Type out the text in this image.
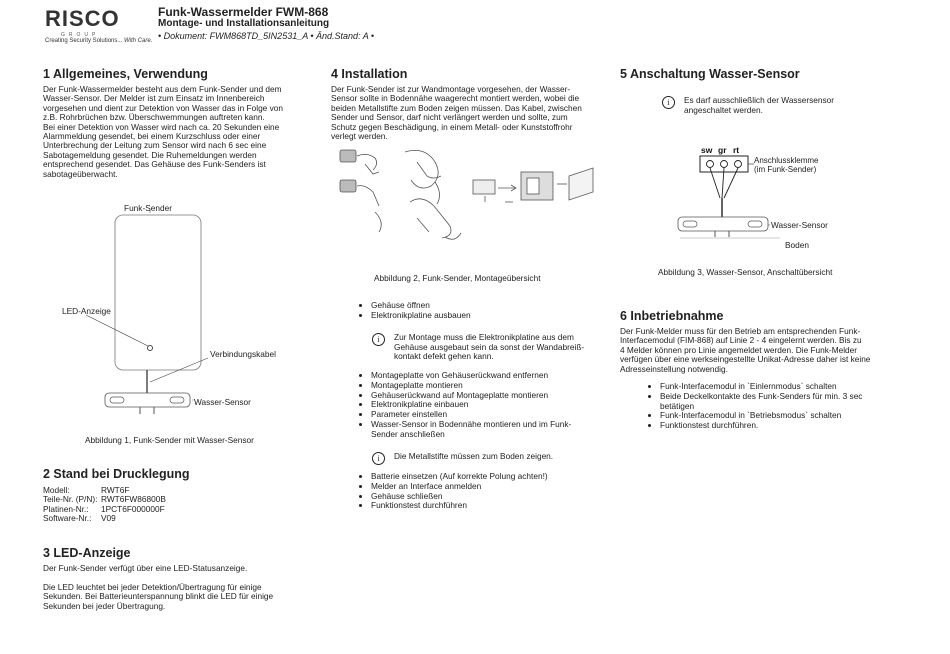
RISCO
GROUP
Creating Security Solutions... With Care.
Funk-Wassermelder FWM-868
Montage- und Installationsanleitung
• Dokument: FWM868TD_5IN2531_A • Änd.Stand: A •
1 Allgemeines, Verwendung
Der Funk-Wassermelder besteht aus dem Funk-Sender und dem
Wasser-Sensor. Der Melder ist zum Einsatz im Innenbereich
vorgesehen und dient zur Detektion von Wasser das in Folge von
z.B. Rohrbrüchen bzw. Überschwemmungen auftreten kann.
Bei einer Detektion von Wasser wird nach ca. 20 Sekunden eine
Alarmmeldung gesendet, bei einem Kurzschluss oder einer
Unterbrechung der Leitung zum Sensor wird nach 6 sec eine
Sabotagemeldung gesendet. Die Ruhemeldungen werden
entsprechend gesendet. Das Gehäuse des Funk-Senders ist
sabotageüberwacht.
Funk-Sender
LED-Anzeige
Verbindungskabel
Wasser-Sensor
Abbildung 1, Funk-Sender mit Wasser-Sensor
2 Stand bei Drucklegung
Modell:	RWT6F
Teile-Nr. (P/N):	RWT6FW86800B
Platinen-Nr.:	1PCT6F000000F
Software-Nr.:	V09
3 LED-Anzeige
Der Funk-Sender verfügt über eine LED-Statusanzeige.
Die LED leuchtet bei jeder Detektion/Übertragung für einige
Sekunden. Bei Batterieunterspannung blinkt die LED für einige
Sekunden bei jeder Übertragung.
4 Installation
Der Funk-Sender ist zur Wandmontage vorgesehen, der Wasser-
Sensor sollte in Bodennähe waagerecht montiert werden, wobei die
beiden Metallstifte zum Boden zeigen müssen. Das Kabel, zwischen
Sender und Sensor, darf nicht verlängert werden und sollte, zum
Schutz gegen Beschädigung, in einem Metall- oder Kunststoffrohr
verlegt werden.
Abbildung 2, Funk-Sender, Montageübersicht
• Gehäuse öffnen
• Elektronikplatine ausbauen
i	Zur Montage muss die Elektronikplatine aus dem
Gehäuse ausgebaut sein da sonst der Wandabreiß-
kontakt defekt gehen kann.
• Montageplatte von Gehäuserückwand entfernen
• Montageplatte montieren
• Gehäuserückwand auf Montageplatte montieren
• Elektronikplatine einbauen
• Parameter einstellen
• Wasser-Sensor in Bodennähe montieren und im Funk-
Sender anschließen
i	Die Metallstifte müssen zum Boden zeigen.
• Batterie einsetzen (Auf korrekte Polung achten!)
• Melder an Interface anmelden
• Gehäuse schließen
• Funktionstest durchführen
5 Anschaltung Wasser-Sensor
i	Es darf ausschließlich der Wassersensor
angeschaltet werden.
sw gr rt
Anschlussklemme
(im Funk-Sender)
Wasser-Sensor
Boden
Abbildung 3, Wasser-Sensor, Anschaltübersicht
6 Inbetriebnahme
Der Funk-Melder muss für den Betrieb am entsprechenden Funk-
Interfacemodul (FIM-868) auf Linie 2 - 4 eingelernt werden. Bis zu
4 Melder können pro Linie angemeldet werden. Die Funk-Melder
verfügen über eine werkseingestellte Unikat-Adresse daher ist keine
Adresseinstellung notwendig.
• Funk-Interfacemodul in `Einlernmodus` schalten
• Beide Deckelkontakte des Funk-Senders für min. 3 sec
betätigen
• Funk-Interfacemodul in `Betriebsmodus` schalten
• Funktionstest durchführen.
